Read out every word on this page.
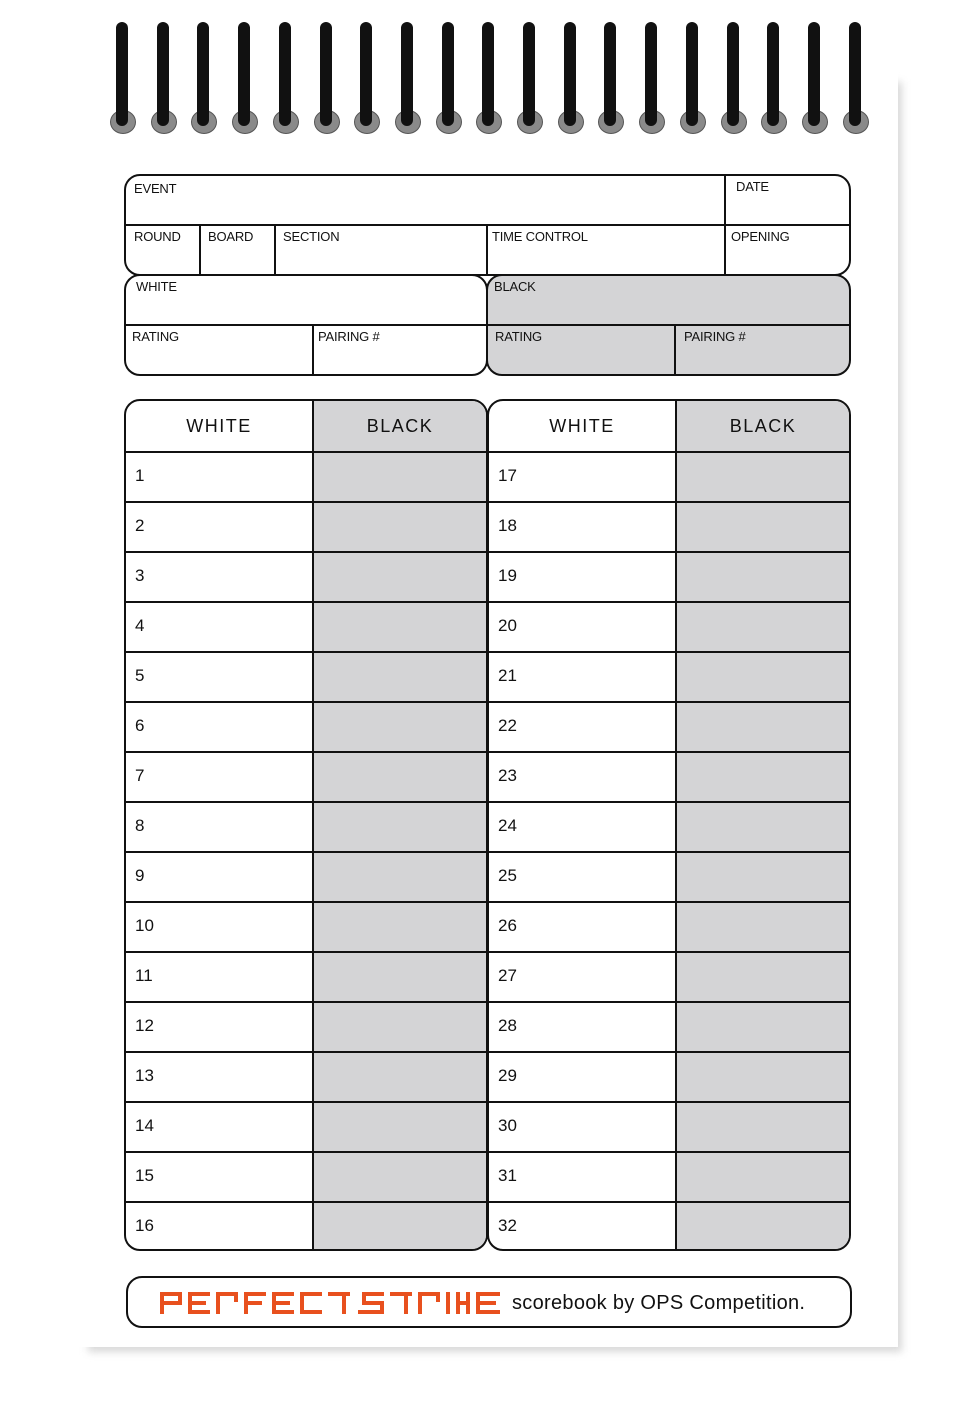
EVENT	DATE
ROUND BOARD SECTION	TIME CONTROL	OPENING
WHITE
RATING	PAIRING #
BLACK
RATING	PAIRING #
WHITE	BLACK
1
2
3
4
5
6
7
8
9
10
11
12
13
14
15
16
WHITE	BLACK
17
18
19
20
21
22
23
24
25
26
27
28
29
30
31
32
scorebook by OPS Competition.
